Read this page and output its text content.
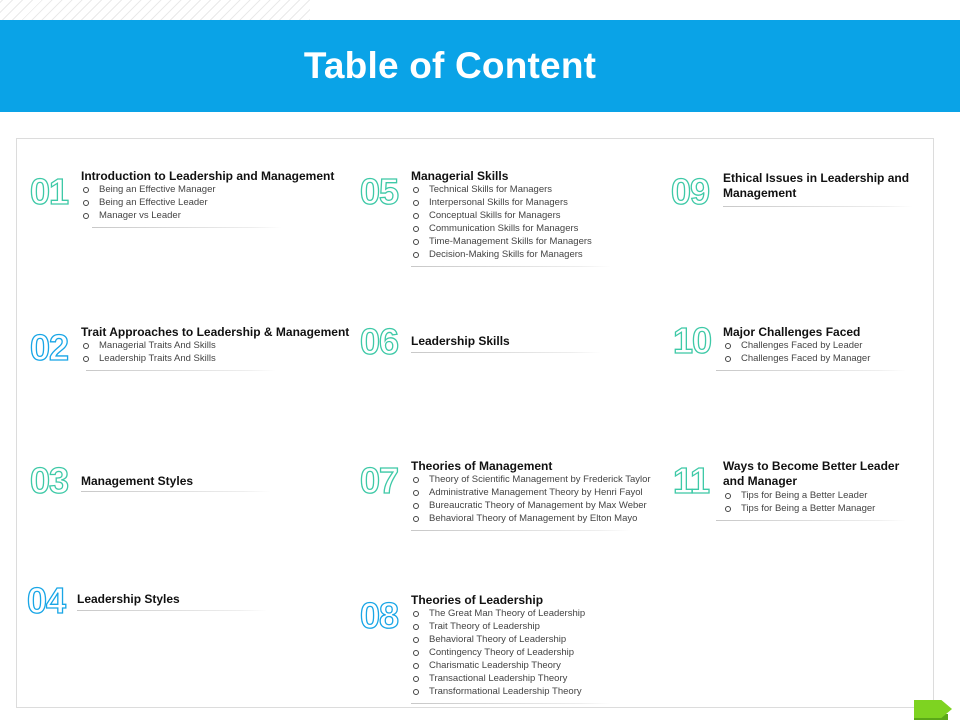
Table of Content
01 Introduction to Leadership and Management
Being an Effective Manager
Being an Effective Leader
Manager vs Leader
02 Trait Approaches to Leadership & Management
Managerial Traits And Skills
Leadership Traits And Skills
03 Management Styles
04 Leadership Styles
05 Managerial Skills
Technical Skills for Managers
Interpersonal Skills for Managers
Conceptual Skills for Managers
Communication Skills for Managers
Time-Management Skills for Managers
Decision-Making Skills for Managers
06 Leadership Skills
07 Theories of Management
Theory of Scientific Management by Frederick Taylor
Administrative Management Theory by Henri Fayol
Bureaucratic Theory of Management by Max Weber
Behavioral Theory of Management by Elton Mayo
08 Theories of Leadership
The Great Man Theory of Leadership
Trait Theory of Leadership
Behavioral Theory of Leadership
Contingency Theory of Leadership
Charismatic Leadership Theory
Transactional Leadership Theory
Transformational Leadership Theory
09 Ethical Issues in Leadership and Management
10 Major Challenges Faced
Challenges Faced by Leader
Challenges Faced by Manager
11 Ways to Become Better Leader and Manager
Tips for Being a Better Leader
Tips for Being a Better Manager
